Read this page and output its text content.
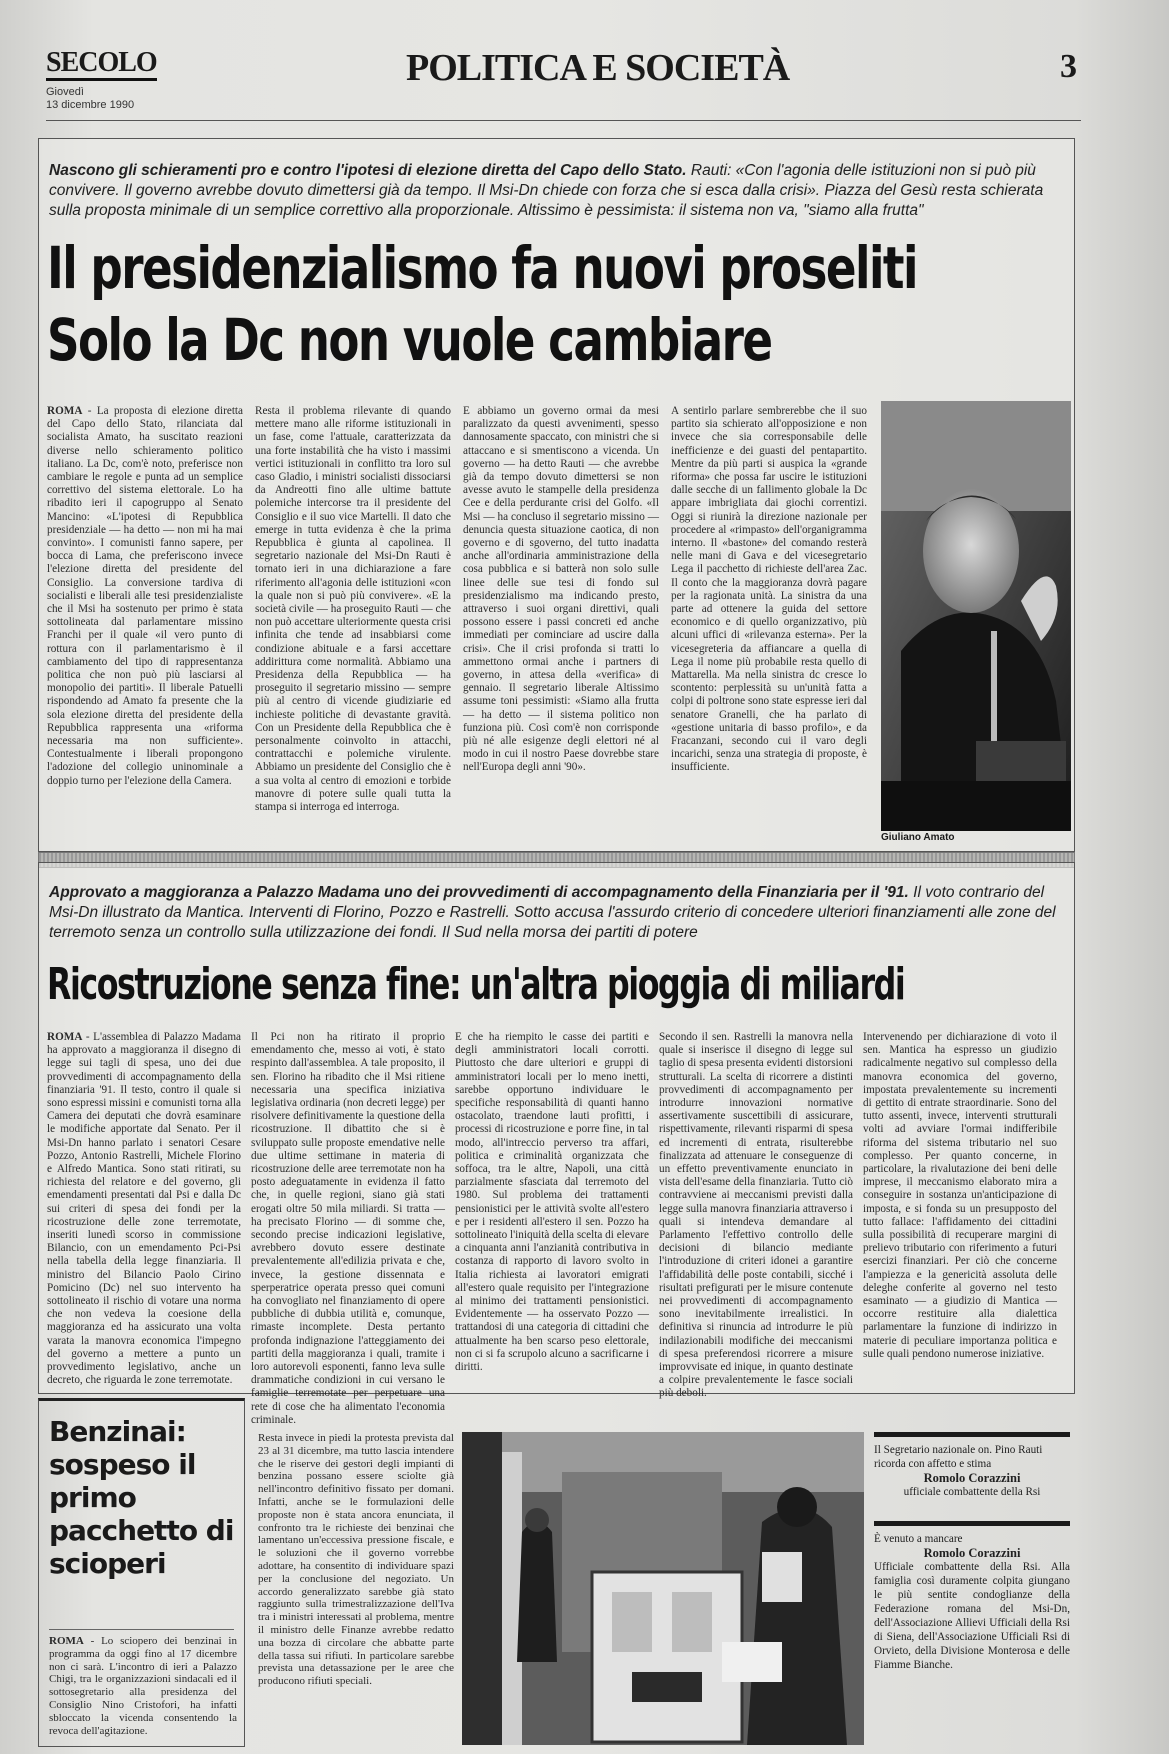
SECOLO
Giovedì
13 dicembre 1990
POLITICA E SOCIETÀ	3
Nascono gli schieramenti pro e contro l'ipotesi di elezione diretta del Capo dello Stato. Rauti: «Con l'agonia delle istituzioni non si può più convivere. Il governo avrebbe dovuto dimettersi già da tempo. Il Msi-Dn chiede con forza che si esca dalla crisi». Piazza del Gesù resta schierata sulla proposta minimale di un semplice correttivo alla proporzionale. Altissimo è pessimista: il sistema non va, "siamo alla frutta"
Il presidenzialismo fa nuovi proseliti
Solo la Dc non vuole cambiare

ROMA - La proposta di elezione diretta del Capo dello Stato, rilanciata dal socialista Amato, ha suscitato reazioni diverse nello schieramento politico italiano. La Dc, com'è noto, preferisce non cambiare le regole e punta ad un semplice correttivo del sistema elettorale. Lo ha ribadito ieri il capogruppo al Senato Mancino: «L'ipotesi di Repubblica presidenziale — ha detto — non mi ha mai convinto». I comunisti fanno sapere, per bocca di Lama, che preferiscono invece l'elezione diretta del presidente del Consiglio. La conversione tardiva di socialisti e liberali alle tesi presidenzialiste che il Msi ha sostenuto per primo è stata sottolineata dal parlamentare missino Franchi per il quale «il vero punto di rottura con il parlamentarismo è il cambiamento del tipo di rappresentanza politica che non può più lasciarsi al monopolio dei partiti». Il liberale Patuelli rispondendo ad Amato fa presente che la sola elezione diretta del presidente della Repubblica rappresenta una «riforma necessaria ma non sufficiente». Contestualmente i liberali propongono l'adozione del collegio uninominale a doppio turno per l'elezione della Camera.

Resta il problema rilevante di quando mettere mano alle riforme istituzionali in un fase, come l'attuale, caratterizzata da una forte instabilità che ha visto i massimi vertici istituzionali in conflitto tra loro sul caso Gladio, i ministri socialisti dissociarsi da Andreotti fino alle ultime battute polemiche intercorse tra il presidente del Consiglio e il suo vice Martelli. Il dato che emerge in tutta evidenza è che la prima Repubblica è giunta al capolinea. Il segretario nazionale del Msi-Dn Rauti è tornato ieri in una dichiarazione a fare riferimento all'agonia delle istituzioni «con la quale non si può più convivere». «E la società civile — ha proseguito Rauti — che non può accettare ulteriormente questa crisi infinita che tende ad insabbiarsi come condizione abituale e a farsi accettare addirittura come normalità. Abbiamo una Presidenza della Repubblica — ha proseguito il segretario missino — sempre più al centro di vicende giudiziarie ed inchieste politiche di devastante gravità. Con un Presidente della Repubblica che è personalmente coinvolto in attacchi, contrattacchi e polemiche virulente. Abbiamo un presidente del Consiglio che è a sua volta al centro di emozioni e torbide manovre di potere sulle quali tutta la stampa si interroga ed interroga.

E abbiamo un governo ormai da mesi paralizzato da questi avvenimenti, spesso dannosamente spaccato, con ministri che si attaccano e si smentiscono a vicenda. Un governo — ha detto Rauti — che avrebbe già da tempo dovuto dimettersi se non avesse avuto le stampelle della presidenza Cee e della perdurante crisi del Golfo. «Il Msi — ha concluso il segretario missino — denuncia questa situazione caotica, di non governo e di sgoverno, del tutto inadatta anche all'ordinaria amministrazione della cosa pubblica e si batterà non solo sulle linee delle sue tesi di fondo sul presidenzialismo ma indicando presto, attraverso i suoi organi direttivi, quali possono essere i passi concreti ed anche immediati per cominciare ad uscire dalla crisi». Che il crisi profonda si tratti lo ammettono ormai anche i partners di governo, in attesa della «verifica» di gennaio. Il segretario liberale Altissimo assume toni pessimisti: «Siamo alla frutta — ha detto — il sistema politico non funziona più. Così com'è non corrisponde più né alle esigenze degli elettori né al modo in cui il nostro Paese dovrebbe stare nell'Europa degli anni '90».

A sentirlo parlare sembrerebbe che il suo partito sia schierato all'opposizione e non invece che sia corresponsabile delle inefficienze e dei guasti del pentapartito. Mentre da più parti si auspica la «grande riforma» che possa far uscire le istituzioni dalle secche di un fallimento globale la Dc appare imbrigliata dai giochi correntizi. Oggi si riunirà la direzione nazionale per procedere al «rimpasto» dell'organigramma interno. Il «bastone» del comando resterà nelle mani di Gava e del vicesegretario Lega il pacchetto di richieste dell'area Zac. Il conto che la maggioranza dovrà pagare per la ragionata unità. La sinistra da una parte ad ottenere la guida del settore economico e di quello organizzativo, più alcuni uffici di «rilevanza esterna». Per la vicesegreteria da affiancare a quella di Lega il nome più probabile resta quello di Mattarella. Ma nella sinistra dc cresce lo scontento: perplessità su un'unità fatta a colpi di poltrone sono state espresse ieri dal senatore Granelli, che ha parlato di «gestione unitaria di basso profilo», e da Fracanzani, secondo cui il varo degli incarichi, senza una strategia di proposte, è insufficiente.

Giuliano Amato
Approvato a maggioranza a Palazzo Madama uno dei provvedimenti di accompagnamento della Finanziaria per il '91. Il voto contrario del Msi-Dn illustrato da Mantica. Interventi di Florino, Pozzo e Rastrelli. Sotto accusa l'assurdo criterio di concedere ulteriori finanziamenti alle zone del terremoto senza un controllo sulla utilizzazione dei fondi. Il Sud nella morsa dei partiti di potere
Ricostruzione senza fine: un'altra pioggia di miliardi

ROMA - L'assemblea di Palazzo Madama ha approvato a maggioranza il disegno di legge sui tagli di spesa, uno dei due provvedimenti di accompagnamento della finanziaria '91. Il testo, contro il quale si sono espressi missini e comunisti torna alla Camera dei deputati che dovrà esaminare le modifiche apportate dal Senato. Per il Msi-Dn hanno parlato i senatori Cesare Pozzo, Antonio Rastrelli, Michele Florino e Alfredo Mantica. Sono stati ritirati, su richiesta del relatore e del governo, gli emendamenti presentati dal Psi e dalla Dc sui criteri di spesa dei fondi per la ricostruzione delle zone terremotate, inseriti lunedì scorso in commissione Bilancio, con un emendamento Pci-Psi nella tabella della legge finanziaria. Il ministro del Bilancio Paolo Cirino Pomicino (Dc) nel suo intervento ha sottolineato il rischio di votare una norma che non vedeva la coesione della maggioranza ed ha assicurato una volta varata la manovra economica l'impegno del governo a mettere a punto un provvedimento legislativo, anche un decreto, che riguarda le zone terremotate.

Il Pci non ha ritirato il proprio emendamento che, messo ai voti, è stato respinto dall'assemblea. A tale proposito, il sen. Florino ha ribadito che il Msi ritiene necessaria una specifica iniziativa legislativa ordinaria (non decreti legge) per risolvere definitivamente la questione della ricostruzione. Il dibattito che si è sviluppato sulle proposte emendative nelle due ultime settimane in materia di ricostruzione delle aree terremotate non ha posto adeguatamente in evidenza il fatto che, in quelle regioni, siano già stati erogati oltre 50 mila miliardi. Si tratta — ha precisato Florino — di somme che, secondo precise indicazioni legislative, avrebbero dovuto essere destinate prevalentemente all'edilizia privata e che, invece, la gestione dissennata e sperperatrice operata presso quei comuni ha convogliato nel finanziamento di opere pubbliche di dubbia utilità e, comunque, rimaste incomplete. Desta pertanto profonda indignazione l'atteggiamento dei partiti della maggioranza i quali, tramite i loro autorevoli esponenti, fanno leva sulle drammatiche condizioni in cui versano le famiglie terremotate per perpetuare una rete di cose che ha alimentato l'economia criminale.

E che ha riempito le casse dei partiti e degli amministratori locali corrotti. Piuttosto che dare ulteriori e gruppi di amministratori locali per lo meno inetti, sarebbe opportuno individuare le specifiche responsabilità di quanti hanno ostacolato, traendone lauti profitti, i processi di ricostruzione e porre fine, in tal modo, all'intreccio perverso tra affari, politica e criminalità organizzata che soffoca, tra le altre, Napoli, una città parzialmente sfasciata dal terremoto del 1980. Sul problema dei trattamenti pensionistici per le attività svolte all'estero e per i residenti all'estero il sen. Pozzo ha sottolineato l'iniquità della scelta di elevare a cinquanta anni l'anzianità contributiva in costanza di rapporto di lavoro svolto in Italia richiesta ai lavoratori emigrati all'estero quale requisito per l'integrazione al minimo dei trattamenti pensionistici. Evidentemente — ha osservato Pozzo — trattandosi di una categoria di cittadini che attualmente ha ben scarso peso elettorale, non ci si fa scrupolo alcuno a sacrificarne i diritti.

Secondo il sen. Rastrelli la manovra nella quale si inserisce il disegno di legge sul taglio di spesa presenta evidenti distorsioni strutturali. La scelta di ricorrere a distinti provvedimenti di accompagnamento per introdurre innovazioni normative assertivamente suscettibili di assicurare, rispettivamente, rilevanti risparmi di spesa ed incrementi di entrata, risulterebbe finalizzata ad attenuare le conseguenze di un effetto preventivamente enunciato in vista dell'esame della finanziaria. Tutto ciò contravviene ai meccanismi previsti dalla legge sulla manovra finanziaria attraverso i quali si intendeva demandare al Parlamento l'effettivo controllo delle decisioni di bilancio mediante l'introduzione di criteri idonei a garantire l'affidabilità delle poste contabili, sicché i risultati prefigurati per le misure contenute nei provvedimenti di accompagnamento sono inevitabilmente irrealistici. In definitiva si rinuncia ad introdurre le più indilazionabili modifiche dei meccanismi di spesa preferendosi ricorrere a misure improvvisate ed inique, in quanto destinate a colpire prevalentemente le fasce sociali più deboli.

Intervenendo per dichiarazione di voto il sen. Mantica ha espresso un giudizio radicalmente negativo sul complesso della manovra economica del governo, impostata prevalentemente su incrementi di gettito di entrate straordinarie. Sono del tutto assenti, invece, interventi strutturali volti ad avviare l'ormai indifferibile riforma del sistema tributario nel suo complesso. Per quanto concerne, in particolare, la rivalutazione dei beni delle imprese, il meccanismo elaborato mira a conseguire in sostanza un'anticipazione di imposta, e si fonda su un presupposto del tutto fallace: l'affidamento dei cittadini sulla possibilità di recuperare margini di prelievo tributario con riferimento a futuri esercizi finanziari. Per ciò che concerne l'ampiezza e la genericità assoluta delle deleghe conferite al governo nel testo esaminato — a giudizio di Mantica — occorre restituire alla dialettica parlamentare la funzione di indirizzo in materie di peculiare importanza politica e sulle quali pendono numerose iniziative.

Benzinai: sospeso il primo pacchetto di scioperi

ROMA - Lo sciopero dei benzinai in programma da oggi fino al 17 dicembre non ci sarà. L'incontro di ieri a Palazzo Chigi, tra le organizzazioni sindacali ed il sottosegretario alla presidenza del Consiglio Nino Cristofori, ha infatti sbloccato la vicenda consentendo la revoca dell'agitazione.

Resta invece in piedi la protesta prevista dal 23 al 31 dicembre, ma tutto lascia intendere che le riserve dei gestori degli impianti di benzina possano essere sciolte già nell'incontro definitivo fissato per domani. Infatti, anche se le formulazioni delle proposte non è stata ancora enunciata, il confronto tra le richieste dei benzinai che lamentano un'eccessiva pressione fiscale, e le soluzioni che il governo vorrebbe adottare, ha consentito di individuare spazi per la conclusione del negoziato. Un accordo generalizzato sarebbe già stato raggiunto sulla trimestralizzazione dell'Iva tra i ministri interessati al problema, mentre il ministro delle Finanze avrebbe redatto una bozza di circolare che abbatte parte della tassa sui rifiuti. In particolare sarebbe prevista una detassazione per le aree che producono rifiuti speciali.

Il Segretario nazionale on. Pino Rauti ricorda con affetto e stima

Romolo Corazzini

ufficiale combattente della Rsi

È venuto a mancare

Romolo Corazzini

Ufficiale combattente della Rsi. Alla famiglia così duramente colpita giungano le più sentite condoglianze della Federazione romana del Msi-Dn, dell'Associazione Allievi Ufficiali della Rsi di Siena, dell'Associazione Ufficiali Rsi di Orvieto, della Divisione Monterosa e delle Fiamme Bianche.
